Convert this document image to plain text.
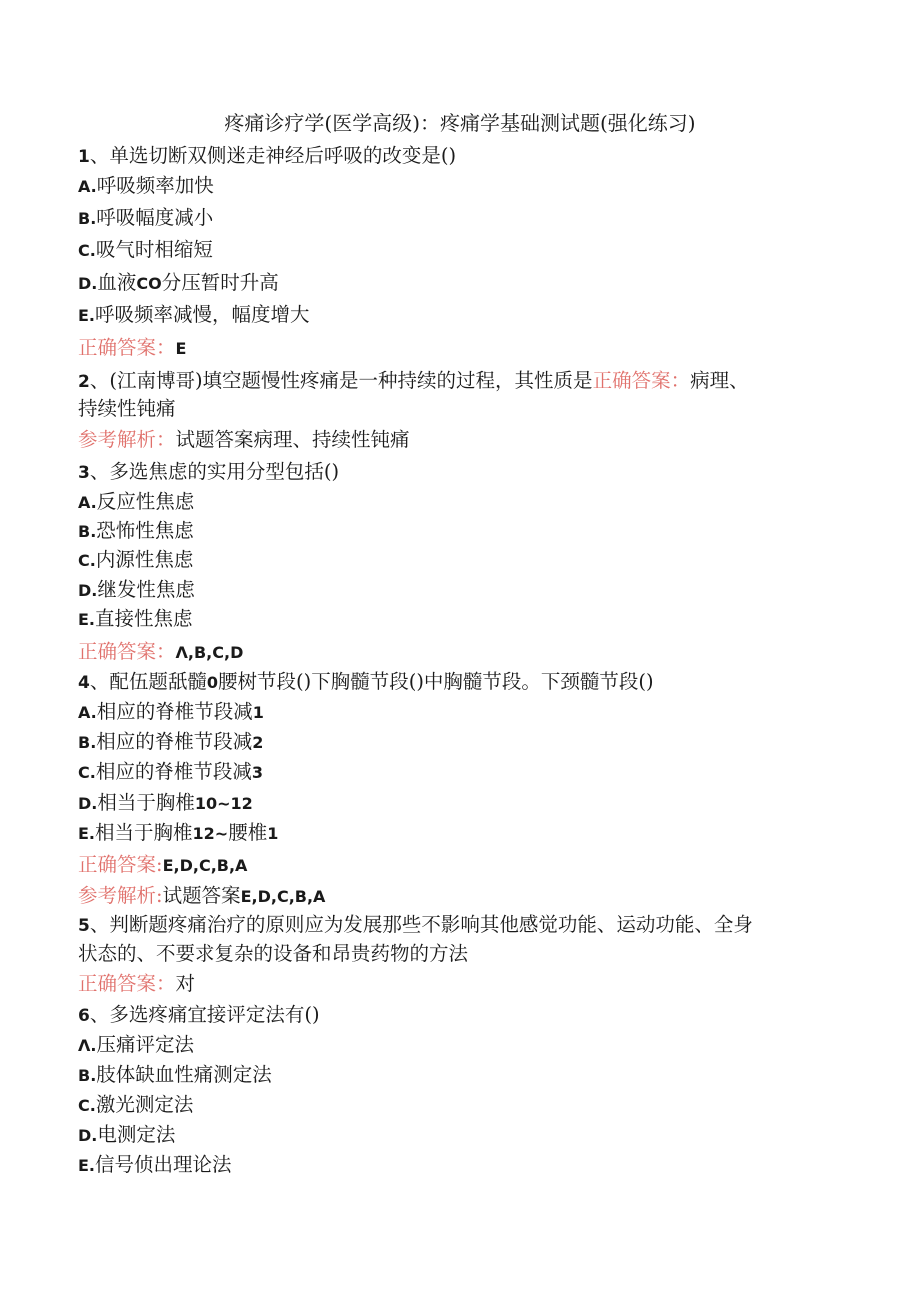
疼痛诊疗学(医学高级)：疼痛学基础测试题(强化练习)
1、单选切断双侧迷走神经后呼吸的改变是()
A.呼吸频率加快
B.呼吸幅度减小
C.吸气时相缩短
D.血液CO分压暂时升高
E.呼吸频率减慢，幅度增大
正确答案：E
2、(江南博哥)填空题慢性疼痛是一种持续的过程，其性质是正确答案：病理、
持续性钝痛
参考解析：试题答案病理、持续性钝痛
3、多选焦虑的实用分型包括()
A.反应性焦虑
B.恐怖性焦虑
C.内源性焦虑
D.继发性焦虑
E.直接性焦虑
正确答案：Λ,B,C,D
4、配伍题舐髓0腰树节段()下胸髓节段()中胸髓节段。下颈髓节段()
A.相应的脊椎节段减1
B.相应的脊椎节段减2
C.相应的脊椎节段减3
D.相当于胸椎10~12
E.相当于胸椎12~腰椎1
正确答案:E,D,C,B,A
参考解析:试题答案E,D,C,B,A
5、判断题疼痛治疗的原则应为发展那些不影响其他感觉功能、运动功能、全身
状态的、不要求复杂的设备和昂贵药物的方法
正确答案：对
6、多选疼痛宜接评定法有()
Λ.压痛评定法
B.肢体缺血性痛测定法
C.激光测定法
D.电测定法
E.信号侦出理论法
